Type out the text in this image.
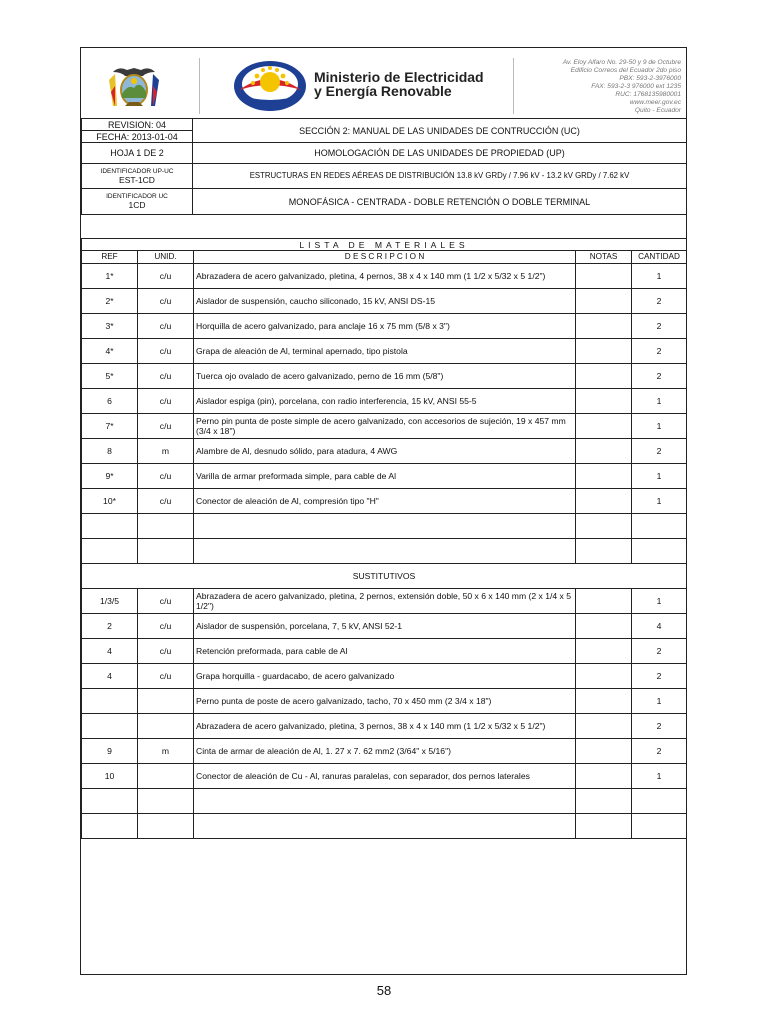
Ministerio de Electricidad
y Energía Renovable
Av. Eloy Alfaro No. 29-50 y 9 de Octubre
Edificio Correos del Ecuador 2do piso
PBX: 593-2-3976000
FAX: 593-2-3 976000 ext 1235
RUC: 1768135980001
www.meer.gov.ec
Quito - Ecuador
REVISION: 04	SECCIÓN 2: MANUAL DE LAS UNIDADES DE CONTRUCCIÓN (UC)
FECHA: 2013-01-04	
HOJA 1 DE 2	HOMOLOGACIÓN DE LAS UNIDADES DE PROPIEDAD (UP)

IDENTIFICADOR UP-UC
EST-1CD	ESTRUCTURAS EN REDES AÉREAS DE DISTRIBUCIÓN 13.8 kV GRDy / 7.96 kV - 13.2 kV GRDy / 7.62 kV

IDENTIFICADOR UC
1CD	MONOFÁSICA - CENTRADA - DOBLE RETENCIÓN O DOBLE TERMINAL
LISTA DE MATERIALES				
REF	UNID.	D E S C R I P C I O N	NOTAS	CANTIDAD
1*	c/u	Abrazadera de acero galvanizado, pletina, 4 pernos, 38 x 4 x 140 mm (1 1/2 x 5/32 x 5 1/2")		1
2*	c/u	Aislador de suspensión, caucho siliconado, 15 kV, ANSI DS-15		2
3*	c/u	Horquilla de acero galvanizado, para anclaje 16 x 75 mm (5/8 x 3")		2
4*	c/u	Grapa de aleación de Al, terminal apernado, tipo pistola		2
5*	c/u	Tuerca ojo ovalado de acero galvanizado, perno de 16 mm (5/8")		2
6	c/u	Aislador espiga (pin), porcelana, con radio interferencia, 15 kV, ANSI 55-5		1
7*	c/u	Perno pin punta de poste simple de acero galvanizado, con accesorios de sujeción, 19 x 457 mm (3/4 x 18")		1
8	m	Alambre de Al, desnudo sólido, para atadura, 4 AWG		2
9*	c/u	Varilla de armar preformada simple, para cable de Al		1
10*	c/u	Conector de aleación de Al, compresión tipo "H"		1

SUSTITUTIVOS				
1/3/5	c/u	Abrazadera de acero galvanizado, pletina, 2 pernos, extensión doble, 50 x 6 x 140 mm (2 x 1/4 x 5 1/2")		1
2	c/u	Aislador de suspensión, porcelana, 7, 5 kV, ANSI 52-1		4
4	c/u	Retención preformada, para cable de Al		2
4	c/u	Grapa horquilla - guardacabo, de acero galvanizado		2
		Perno punta de poste de acero galvanizado, tacho, 70 x 450 mm (2 3/4 x 18")		1
		Abrazadera de acero galvanizado, pletina, 3 pernos, 38 x 4 x 140 mm (1 1/2 x 5/32 x 5 1/2")		2
9	m	Cinta de armar de aleación de Al, 1. 27 x 7. 62 mm2 (3/64" x 5/16")		2
10		Conector de aleación de Cu - Al, ranuras paralelas, con separador, dos pernos laterales		1

58
